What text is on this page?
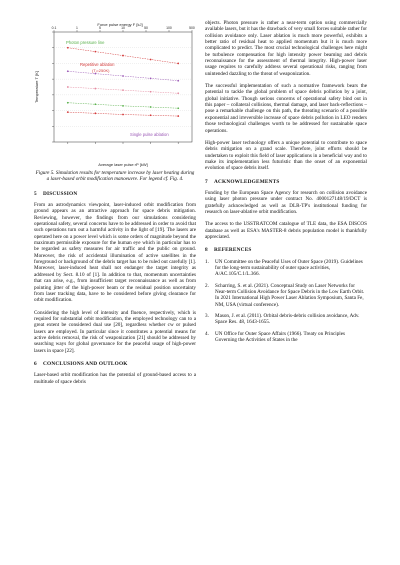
Force pulse energy F [kJ]
0.1	1	5	10	50	100	500
Temperature T [K]
Average laser pulse rP [kW]
Photon pressure line
Repetitive ablation
(Tⱼ=250K)
Single pulse ablation

Figure 5. Simulation results for temperature increase by laser heating during a laser-based orbit modification manoeuvre. For legend cf. Fig. 4.

5 DISCUSSION

From an astrodynamics viewpoint, laser-induced orbit modification from ground appears as an attractive approach for space debris mitigation. Reviewing, however, the findings from our simulations considering operational safety, several concerns have to be addressed in order to avoid that such operations turn out a harmful activity in the light of [19]. The lasers are operated here on a power level which is some orders of magnitude beyond the maximum permissible exposure for the human eye which in particular has to be regarded as safety measures for air traffic and the public on ground. Moreover, the risk of accidental illumination of active satellites in the foreground or background of the debris target has to be ruled out carefully [1]. Moreover, laser-induced heat shall not endanger the target integrity as addressed by Sect. 8.10 of [1]. In addition to that, momentum uncertainties that can arise, e.g., from insufficient target reconnaissance as well as from pointing jitter of the high-power beam or the residual position uncertainty from laser tracking data, have to be considered before giving clearance for orbit modification.

Considering the high level of intensity and fluence, respectively, which is required for substantial orbit modification, the employed technology can to a great extent be considered dual use [20], regardless whether cw or pulsed lasers are employed. In particular since it constitutes a potential means for active debris removal, the risk of weaponization [21] should be addressed by searching ways for global governance for the peaceful usage of high-power lasers in space [22].

6 CONCLUSIONS AND OUTLOOK

Laser-based orbit modification has the potential of ground-based access to a multitude of space debris

objects. Photon pressure is rather a near-term option using commercially available lasers, but it has the drawback of very small forces suitable rather for collision avoidance only. Laser ablation is much more powerful, exhibits a better ratio of residual heat to applied momentum but it is much more complicated to predict. The most crucial technological challenges here might be turbulence compensation for high intensity power beaming and debris reconnaissance for the assessment of thermal integrity. High-power laser usage requires to carefully address several operational risks, ranging from unintended dazzling to the threat of weaponization.

The successful implementation of such a normative framework bears the potential to tackle the global problem of space debris pollution by a joint, global initiative. Though serious concerns of operational safety bind out in this paper – collateral collisions, thermal damage, and laser back-reflections – pose a remarkable challenge on this path, the threating scenario of a possible exponential and irreversible increase of space debris pollution in LEO renders those technological challenges worth to be addressed for sustainable space operations.

High-power laser technology offers a unique potential to contribute to space debris mitigation on a grand scale. Therefore, joint efforts should be undertaken to exploit this field of laser applications in a beneficial way and to make its implementation less futuristic than the onset of an exponential evolution of space debris itself.

7 ACKNOWLEDGEMENTS

Funding by the European Space Agency for research on collision avoidance using laser photon pressure under contract No. 4000127148/19/DCT is gratefully acknowledged as well as DLR-TP's institutional funding for research on laser-ablative orbit modification.

The access to the USSTRATCOM catalogue of TLE data, the ESA DISCOS database as well as ESA's MASTER-8 debris population model is thankfully appreciated.

8 REFERENCES
1.	UN Committee on the Peaceful Uses of Outer Space (2019). Guidelines for the long-term sustainability of outer space activities, A/AC.105/C.1/L.366.
2.	Scharring, S. et al. (2021). Conceptual Study on Laser Networks for Near-term Collision Avoidance for Space Debris in the Low Earth Orbit. In 2021 International High Power Laser Ablation Symposium, Santa Fe, NM, USA (virtual conference).
3.	Mason, J. et al. (2011). Orbital debris-debris collision avoidance, Adv. Space Res. 48, 1643-1655.
4.	UN Office for Outer Space Affairs (1966). Treaty on Principles Governing the Activities of States in the
